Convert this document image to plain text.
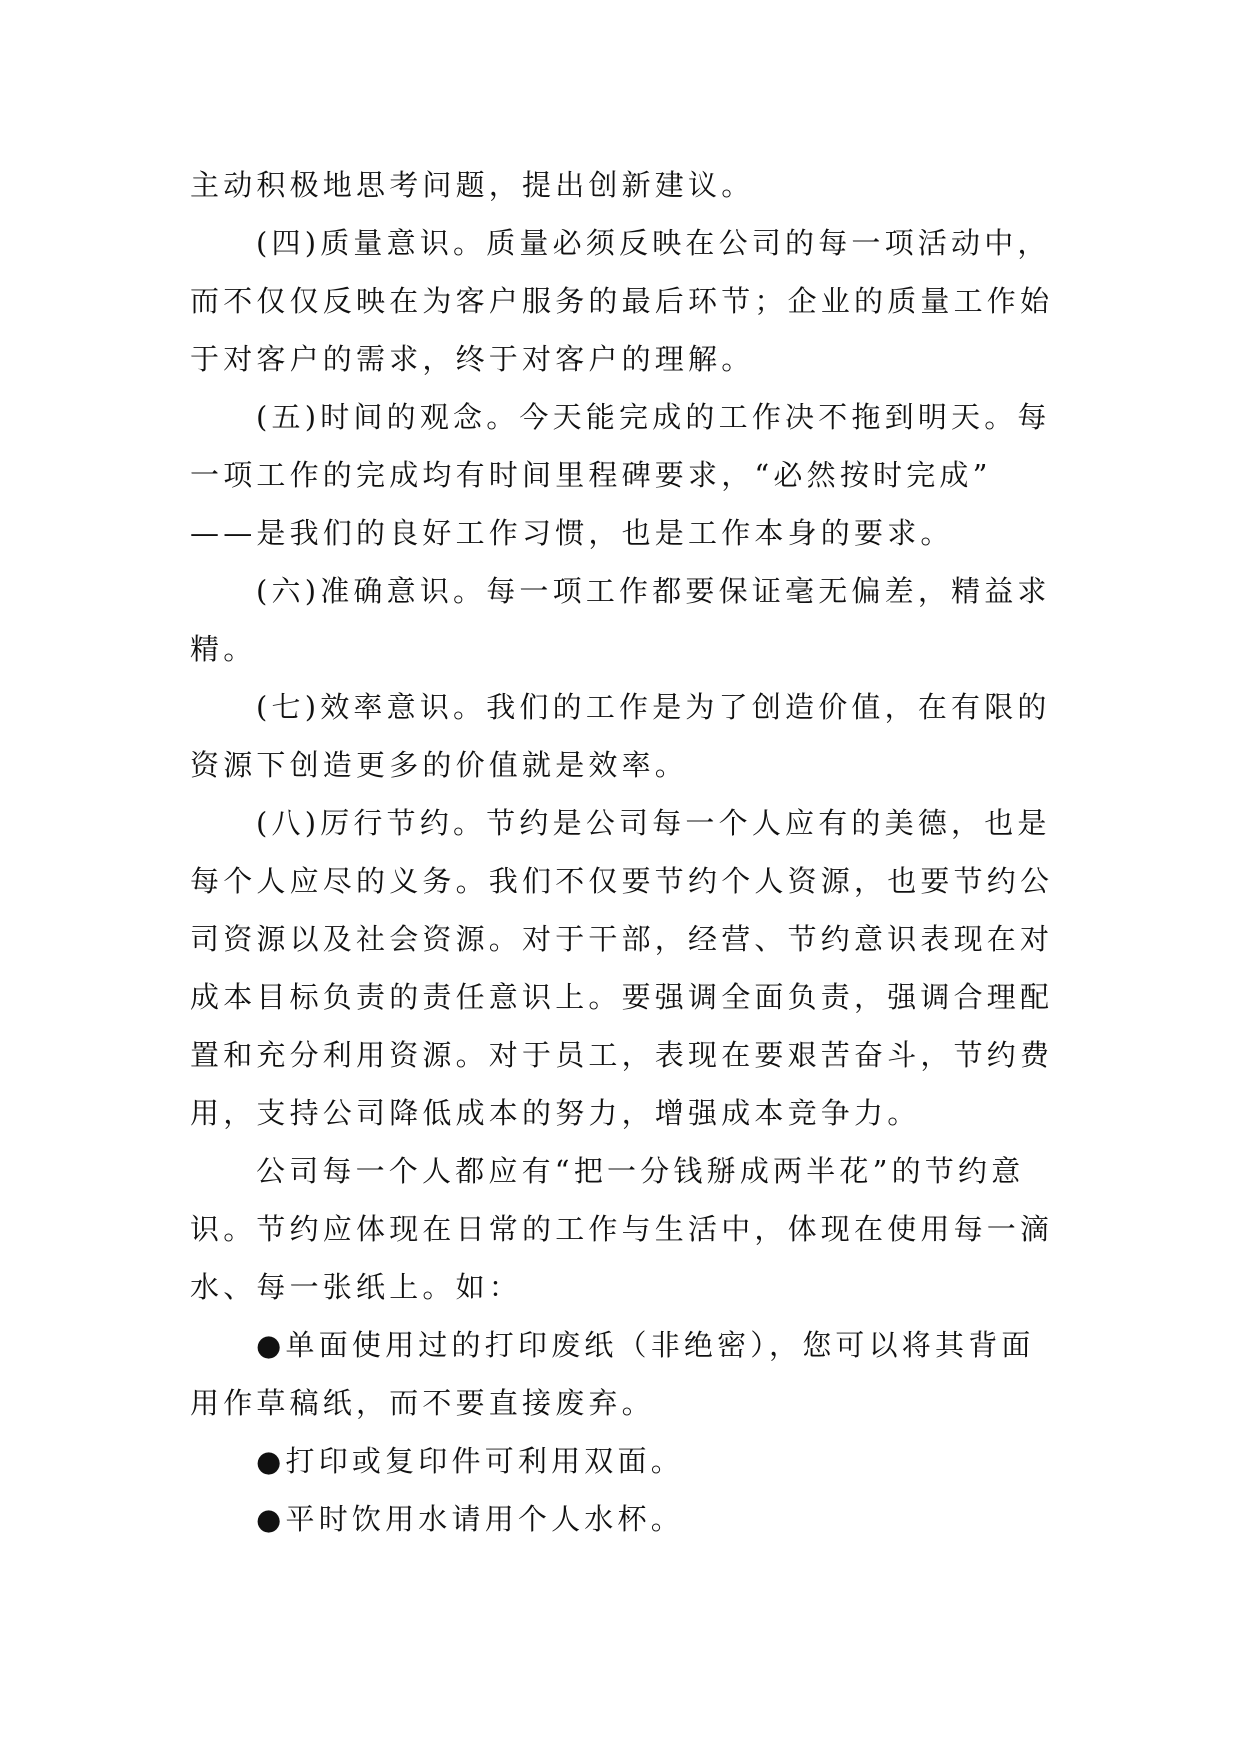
主动积极地思考问题，提出创新建议。
(四)质量意识。质量必须反映在公司的每一项活动中，
而不仅仅反映在为客户服务的最后环节；企业的质量工作始
于对客户的需求，终于对客户的理解。
(五)时间的观念。今天能完成的工作决不拖到明天。每
一项工作的完成均有时间里程碑要求，“必然按时完成”
——是我们的良好工作习惯，也是工作本身的要求。
(六)准确意识。每一项工作都要保证毫无偏差，精益求
精。
(七)效率意识。我们的工作是为了创造价值，在有限的
资源下创造更多的价值就是效率。
(八)厉行节约。节约是公司每一个人应有的美德，也是
每个人应尽的义务。我们不仅要节约个人资源，也要节约公
司资源以及社会资源。对于干部，经营、节约意识表现在对
成本目标负责的责任意识上。要强调全面负责，强调合理配
置和充分利用资源。对于员工，表现在要艰苦奋斗，节约费
用，支持公司降低成本的努力，增强成本竞争力。
公司每一个人都应有“把一分钱掰成两半花”的节约意
识。节约应体现在日常的工作与生活中，体现在使用每一滴
水、每一张纸上。如：
●单面使用过的打印废纸（非绝密），您可以将其背面
用作草稿纸，而不要直接废弃。
●打印或复印件可利用双面。
●平时饮用水请用个人水杯。
